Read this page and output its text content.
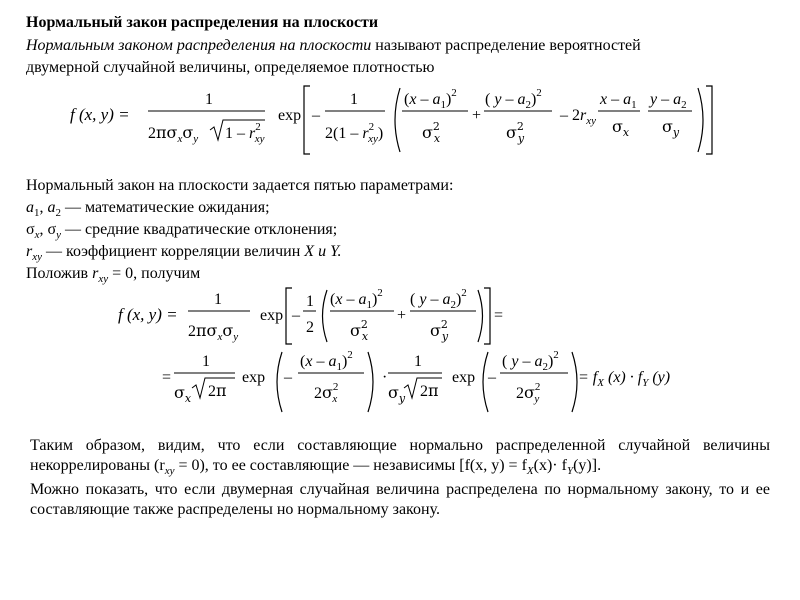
Нормальный закон распределения на плоскости
Нормальным законом распределения на плоскости называют распределение вероятностей
двумерной случайной величины, определяемое плотностью
f (x, y) =
1
$2\pi\sigma_x\sigma_y$ $1 - r^2$ xy
exp –
1
$2(1 - r^2$ xy)
$(x - a_1)^2$
$\sigma^2$ x
+
( y – $a_2)^2$
$\sigma^2$ y
– $2r_{xy}$
x – $a_1$
$\sigma_x$
y – $a_2$
$\sigma_y$
Нормальный закон на плоскости задается пятью параметрами:
$a_1$, $a_2$ — математические ожидания;
$\sigma_x$, $\sigma_y$ — средние квадратические отклонения;
$r_{xy}$ — коэффициент корреляции величин X и Y.
Положив $r_{xy} = 0$, получим
f (x, y) =
1
$2\pi\sigma_x\sigma_y$
exp –
1
2
$(x - a_1)^2$
$\sigma^2$ x
+
( y – $a_2)^2$
$\sigma^2$ y
=
=
1
$\sigma_x$ 2π
exp –
$(x - a_1)^2$
$2\sigma^2$ x
·
1
$\sigma_y$ 2π
exp –
( y – $a_2)^2$
$2\sigma^2$ y
= $f_X$ $(x) \cdot f_Y$ (y)
Таким образом, видим, что если составляющие нормально распределенной случайной величины некоррелированы $(r_{xy} = 0)$, то ее составляющие — независимы [f(x, $y) = f_X(x)\cdot f_Y(y)$].
Можно показать, что если двумерная случайная величина распределена по нормальному закону, то и ее составляющие также распределены но нормальному закону.
